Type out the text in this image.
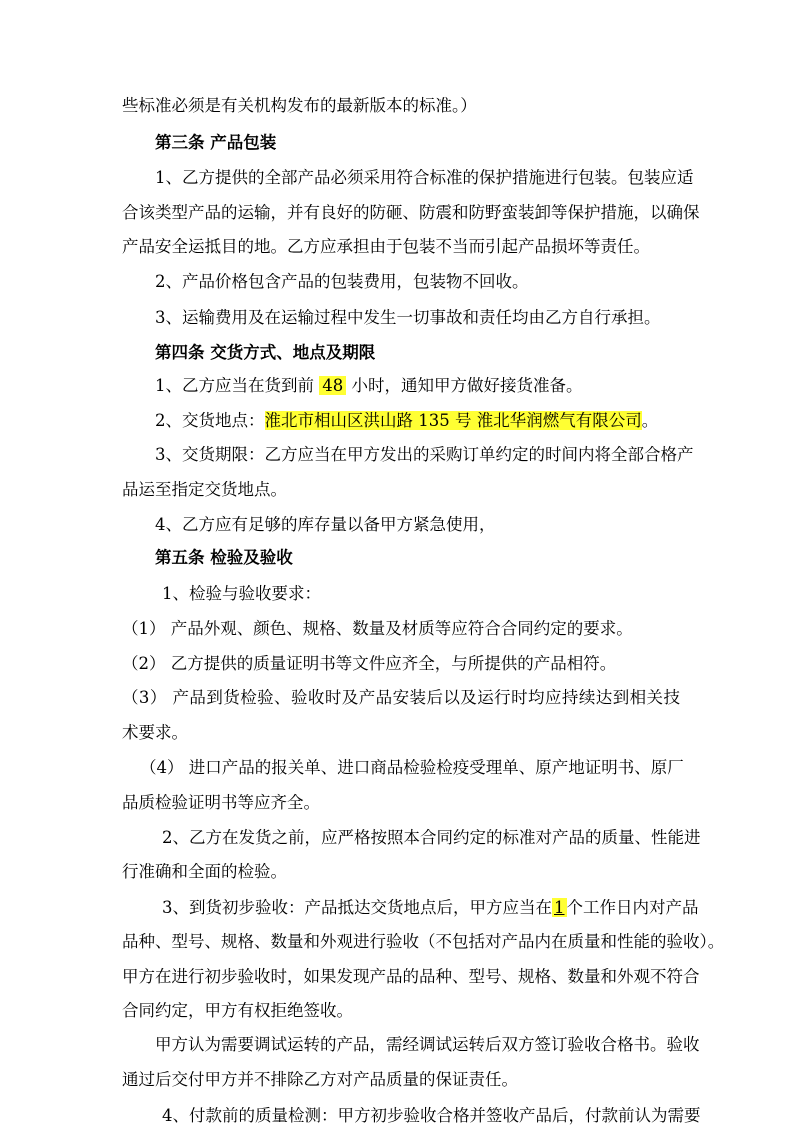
些标准必须是有关机构发布的最新版本的标准。）
第三条 产品包装
1、乙方提供的全部产品必须采用符合标准的保护措施进行包装。包装应适
合该类型产品的运输，并有良好的防砸、防震和防野蛮装卸等保护措施，以确保
产品安全运抵目的地。乙方应承担由于包装不当而引起产品损坏等责任。
2、产品价格包含产品的包装费用，包装物不回收。
3、运输费用及在运输过程中发生一切事故和责任均由乙方自行承担。
第四条 交货方式、地点及期限
1、乙方应当在货到前 48 小时，通知甲方做好接货准备。
2、交货地点：淮北市相山区洪山路 135 号 淮北华润燃气有限公司。
3、交货期限：乙方应当在甲方发出的采购订单约定的时间内将全部合格产
品运至指定交货地点。
4、乙方应有足够的库存量以备甲方紧急使用，
第五条 检验及验收
1、检验与验收要求：
（1） 产品外观、颜色、规格、数量及材质等应符合合同约定的要求。
（2） 乙方提供的质量证明书等文件应齐全，与所提供的产品相符。
（3） 产品到货检验、验收时及产品安装后以及运行时均应持续达到相关技
术要求。
（4） 进口产品的报关单、进口商品检验检疫受理单、原产地证明书、原厂
品质检验证明书等应齐全。
2、乙方在发货之前，应严格按照本合同约定的标准对产品的质量、性能进
行准确和全面的检验。
3、到货初步验收：产品抵达交货地点后，甲方应当在 1 个工作日内对产品
品种、型号、规格、数量和外观进行验收（不包括对产品内在质量和性能的验收）。
甲方在进行初步验收时，如果发现产品的品种、型号、规格、数量和外观不符合
合同约定，甲方有权拒绝签收。
甲方认为需要调试运转的产品，需经调试运转后双方签订验收合格书。验收
通过后交付甲方并不排除乙方对产品质量的保证责任。
4、付款前的质量检测：甲方初步验收合格并签收产品后，付款前认为需要
